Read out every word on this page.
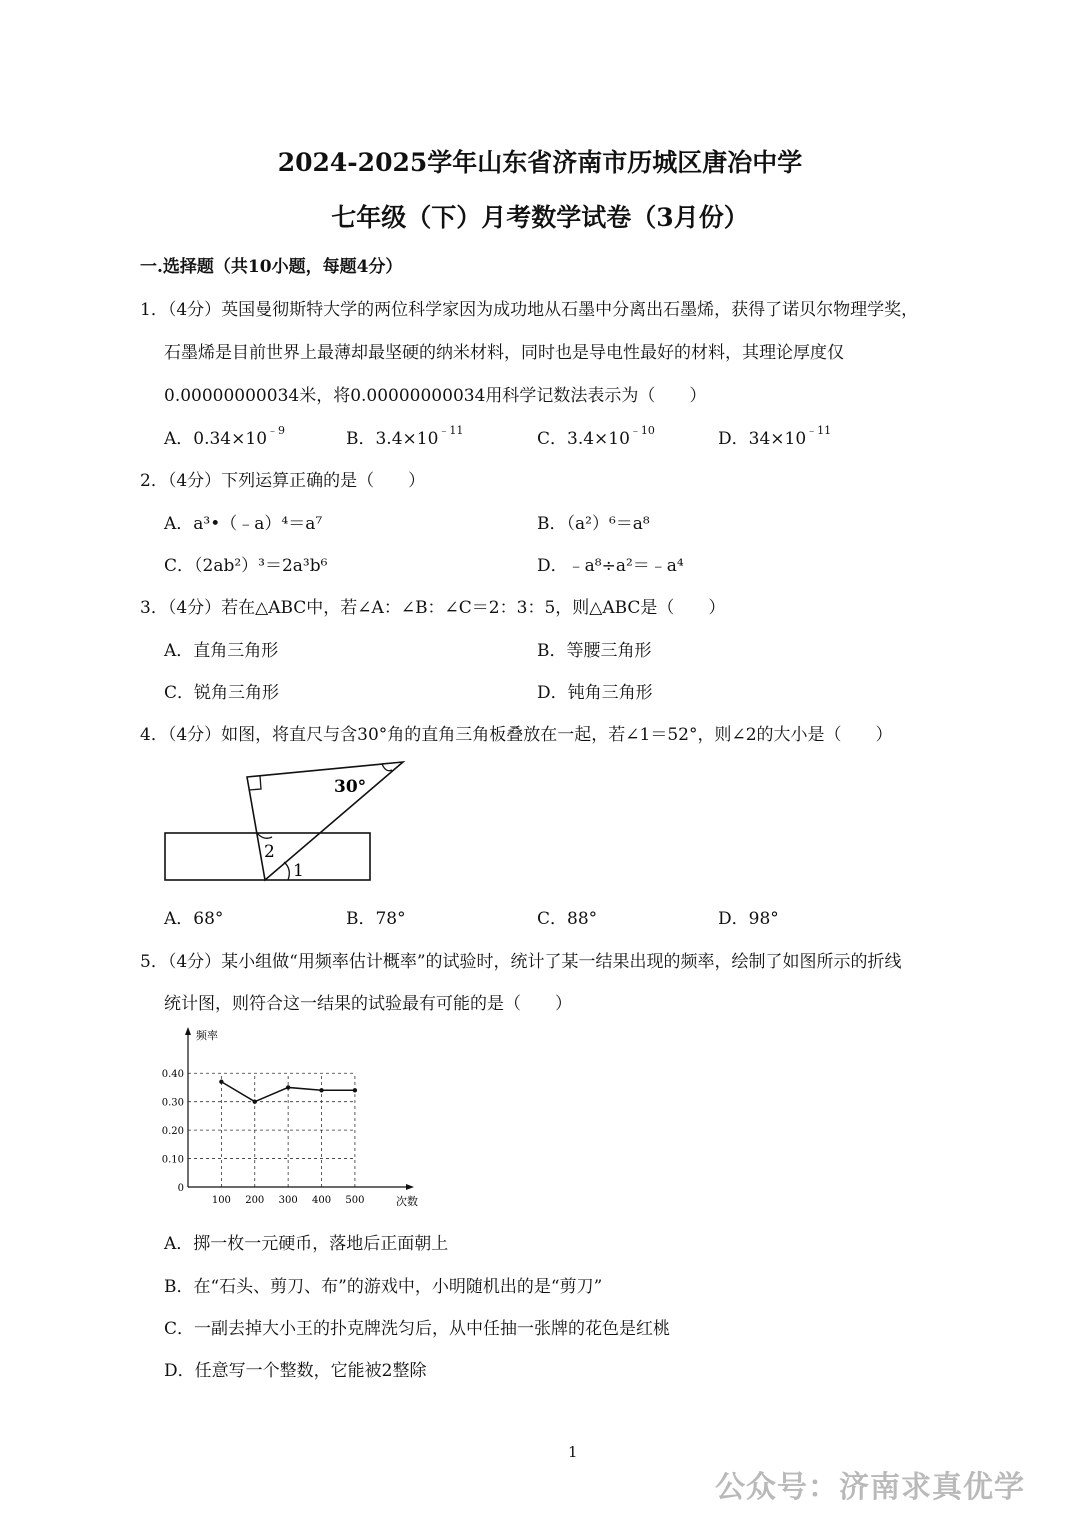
2024-2025学年山东省济南市历城区唐冶中学
七年级（下）月考数学试卷（3月份）
一.选择题（共10小题，每题4分）
1．（4分）英国曼彻斯特大学的两位科学家因为成功地从石墨中分离出石墨烯，获得了诺贝尔物理学奖，
石墨烯是目前世界上最薄却最坚硬的纳米材料，同时也是导电性最好的材料，其理论厚度仅
0.00000000034米，将0.00000000034用科学记数法表示为（　　）
A．$0.34\times 10^{﹣9}$	B．$3.4\times 10^{﹣11}$	C．$3.4\times 10^{﹣10}$	D．$34\times 10^{﹣11}$
2．（4分）下列运算正确的是（　　）
A．a³•（﹣a）⁴＝a⁷	B．（a²）⁶＝a⁸
C．（2ab²）³＝2a³b⁶	D．﹣a⁸÷a²＝﹣a⁴
3．（4分）若在△ABC中，若∠A：∠B：∠C＝2：3：5，则△ABC是（　　）
A．直角三角形	B．等腰三角形
C．锐角三角形	D．钝角三角形
4．（4分）如图，将直尺与含30°角的直角三角板叠放在一起，若∠1＝52°，则∠2的大小是（　　）
30°
2
1
A．68°	B．78°	C．88°	D．98°
5．（4分）某小组做“用频率估计概率”的试验时，统计了某一结果出现的频率，绘制了如图所示的折线
统计图，则符合这一结果的试验最有可能的是（　　）
0
0.10
0.20
0.30
0.40
100 200 300 400 500
频率
次数
A．掷一枚一元硬币，落地后正面朝上
B．在“石头、剪刀、布”的游戏中，小明随机出的是“剪刀”
C．一副去掉大小王的扑克牌洗匀后，从中任抽一张牌的花色是红桃
D．任意写一个整数，它能被2整除
1
公众号：济南求真优学
